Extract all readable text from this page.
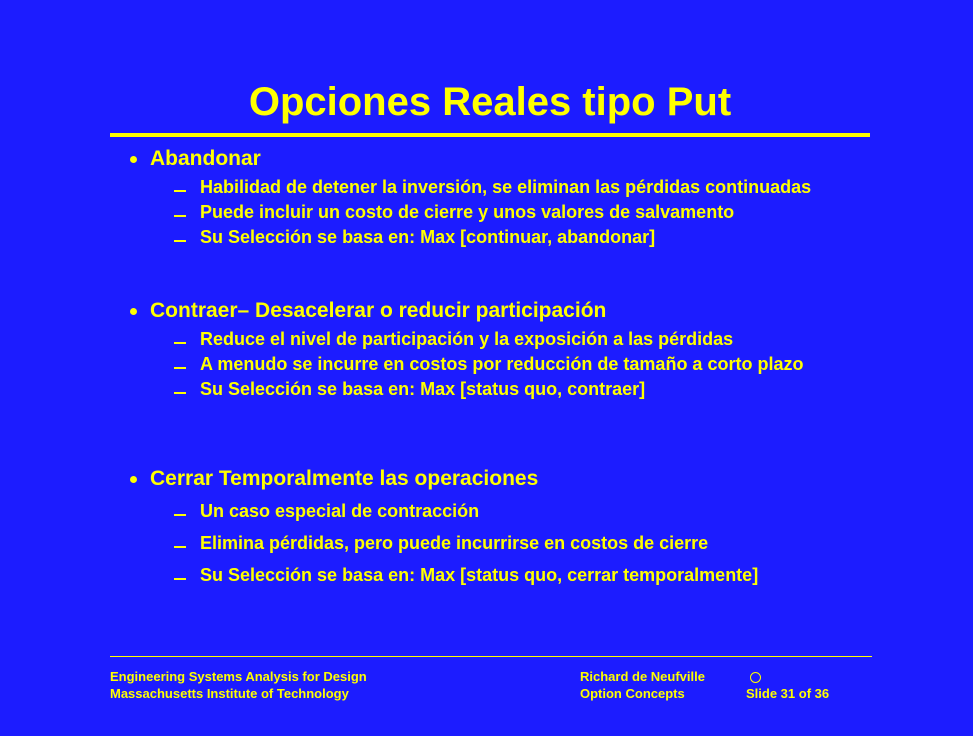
Opciones Reales tipo Put
Abandonar
Habilidad de detener la inversión, se eliminan las pérdidas continuadas
Puede incluir un costo de cierre y unos valores de salvamento
Su Selección se basa en: Max [continuar, abandonar]
Contraer– Desacelerar o reducir participación
Reduce el nivel de participación y la exposición a las pérdidas
A menudo se incurre en costos por reducción de tamaño a corto plazo
Su Selección se basa en: Max [status quo, contraer]
Cerrar Temporalmente las operaciones
Un caso especial de contracción
Elimina pérdidas, pero puede incurrirse en costos de cierre
Su Selección se basa en: Max [status quo, cerrar temporalmente]
Engineering Systems Analysis for Design
Massachusetts Institute of Technology
Richard de Neufville
Option Concepts	Slide 31 of 36
